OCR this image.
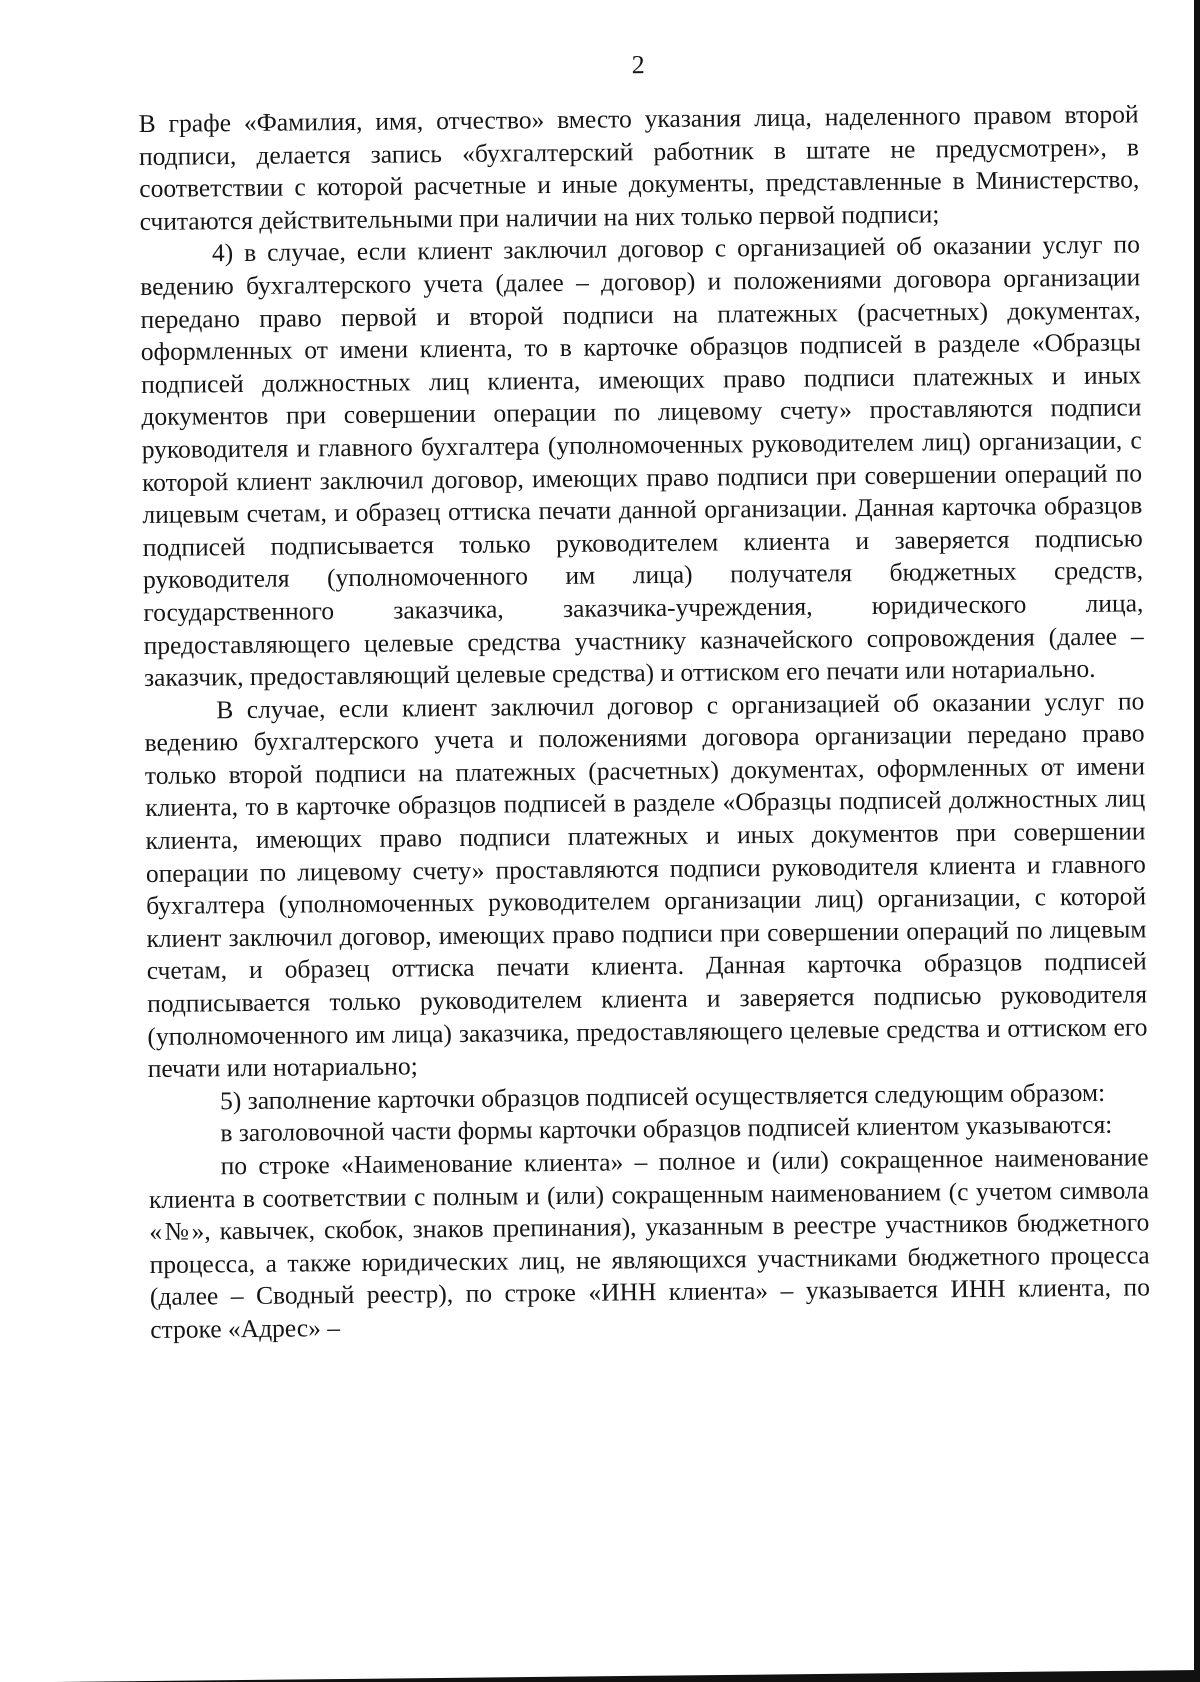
2

В графе «Фамилия, имя, отчество» вместо указания лица, наделенного правом второй подписи, делается запись «бухгалтерский работник в штате не предусмотрен», в соответствии с которой расчетные и иные документы, представленные в Министерство, считаются действительными при наличии на них только первой подписи;

4) в случае, если клиент заключил договор с организацией об оказании услуг по ведению бухгалтерского учета (далее – договор) и положениями договора организации передано право первой и второй подписи на платежных (расчетных) документах, оформленных от имени клиента, то в карточке образцов подписей в разделе «Образцы подписей должностных лиц клиента, имеющих право подписи платежных и иных документов при совершении операции по лицевому счету» проставляются подписи руководителя и главного бухгалтера (уполномоченных руководителем лиц) организации, с которой клиент заключил договор, имеющих право подписи при совершении операций по лицевым счетам, и образец оттиска печати данной организации. Данная карточка образцов подписей подписывается только руководителем клиента и заверяется подписью руководителя (уполномоченного им лица) получателя бюджетных средств, государственного заказчика, заказчика-учреждения, юридического лица, предоставляющего целевые средства участнику казначейского сопровождения (далее – заказчик, предоставляющий целевые средства) и оттиском его печати или нотариально.

В случае, если клиент заключил договор с организацией об оказании услуг по ведению бухгалтерского учета и положениями договора организации передано право только второй подписи на платежных (расчетных) документах, оформленных от имени клиента, то в карточке образцов подписей в разделе «Образцы подписей должностных лиц клиента, имеющих право подписи платежных и иных документов при совершении операции по лицевому счету» проставляются подписи руководителя клиента и главного бухгалтера (уполномоченных руководителем организации лиц) организации, с которой клиент заключил договор, имеющих право подписи при совершении операций по лицевым счетам, и образец оттиска печати клиента. Данная карточка образцов подписей подписывается только руководителем клиента и заверяется подписью руководителя (уполномоченного им лица) заказчика, предоставляющего целевые средства и оттиском его печати или нотариально;

5) заполнение карточки образцов подписей осуществляется следующим образом:

в заголовочной части формы карточки образцов подписей клиентом указываются:

по строке «Наименование клиента» – полное и (или) сокращенное наименование клиента в соответствии с полным и (или) сокращенным наименованием (с учетом символа «№», кавычек, скобок, знаков препинания), указанным в реестре участников бюджетного процесса, а также юридических лиц, не являющихся участниками бюджетного процесса (далее – Сводный реестр), по строке «ИНН клиента» – указывается ИНН клиента, по строке «Адрес» –
